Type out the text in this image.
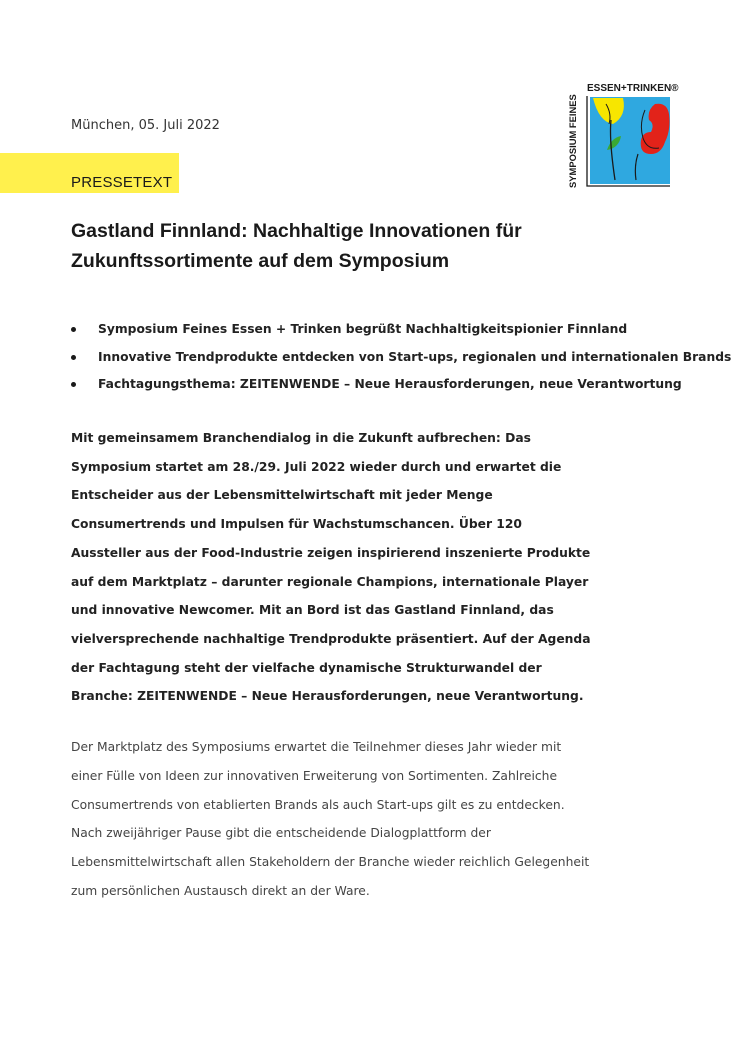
München, 05. Juli 2022
PRESSETEXT
ESSEN+TRINKEN®
SYMPOSIUM FEINES
Gastland Finnland: Nachhaltige Innovationen für Zukunftssortimente auf dem Symposium
Symposium Feines Essen + Trinken begrüßt Nachhaltigkeitspionier Finnland
Innovative Trendprodukte entdecken von Start-ups, regionalen und internationalen Brands
Fachtagungsthema: ZEITENWENDE – Neue Herausforderungen, neue Verantwortung

Mit gemeinsamem Branchendialog in die Zukunft aufbrechen: Das Symposium startet am 28./29. Juli 2022 wieder durch und erwartet die Entscheider aus der Lebensmittelwirtschaft mit jeder Menge Consumertrends und Impulsen für Wachstumschancen. Über 120 Aussteller aus der Food-Industrie zeigen inspirierend inszenierte Produkte auf dem Marktplatz – darunter regionale Champions, internationale Player und innovative Newcomer. Mit an Bord ist das Gastland Finnland, das vielversprechende nachhaltige Trendprodukte präsentiert. Auf der Agenda der Fachtagung steht der vielfache dynamische Strukturwandel der Branche: ZEITENWENDE – Neue Herausforderungen, neue Verantwortung.

Der Marktplatz des Symposiums erwartet die Teilnehmer dieses Jahr wieder mit einer Fülle von Ideen zur innovativen Erweiterung von Sortimenten. Zahlreiche Consumertrends von etablierten Brands als auch Start-ups gilt es zu entdecken. Nach zweijähriger Pause gibt die entscheidende Dialogplattform der Lebensmittelwirtschaft allen Stakeholdern der Branche wieder reichlich Gelegenheit zum persönlichen Austausch direkt an der Ware.
